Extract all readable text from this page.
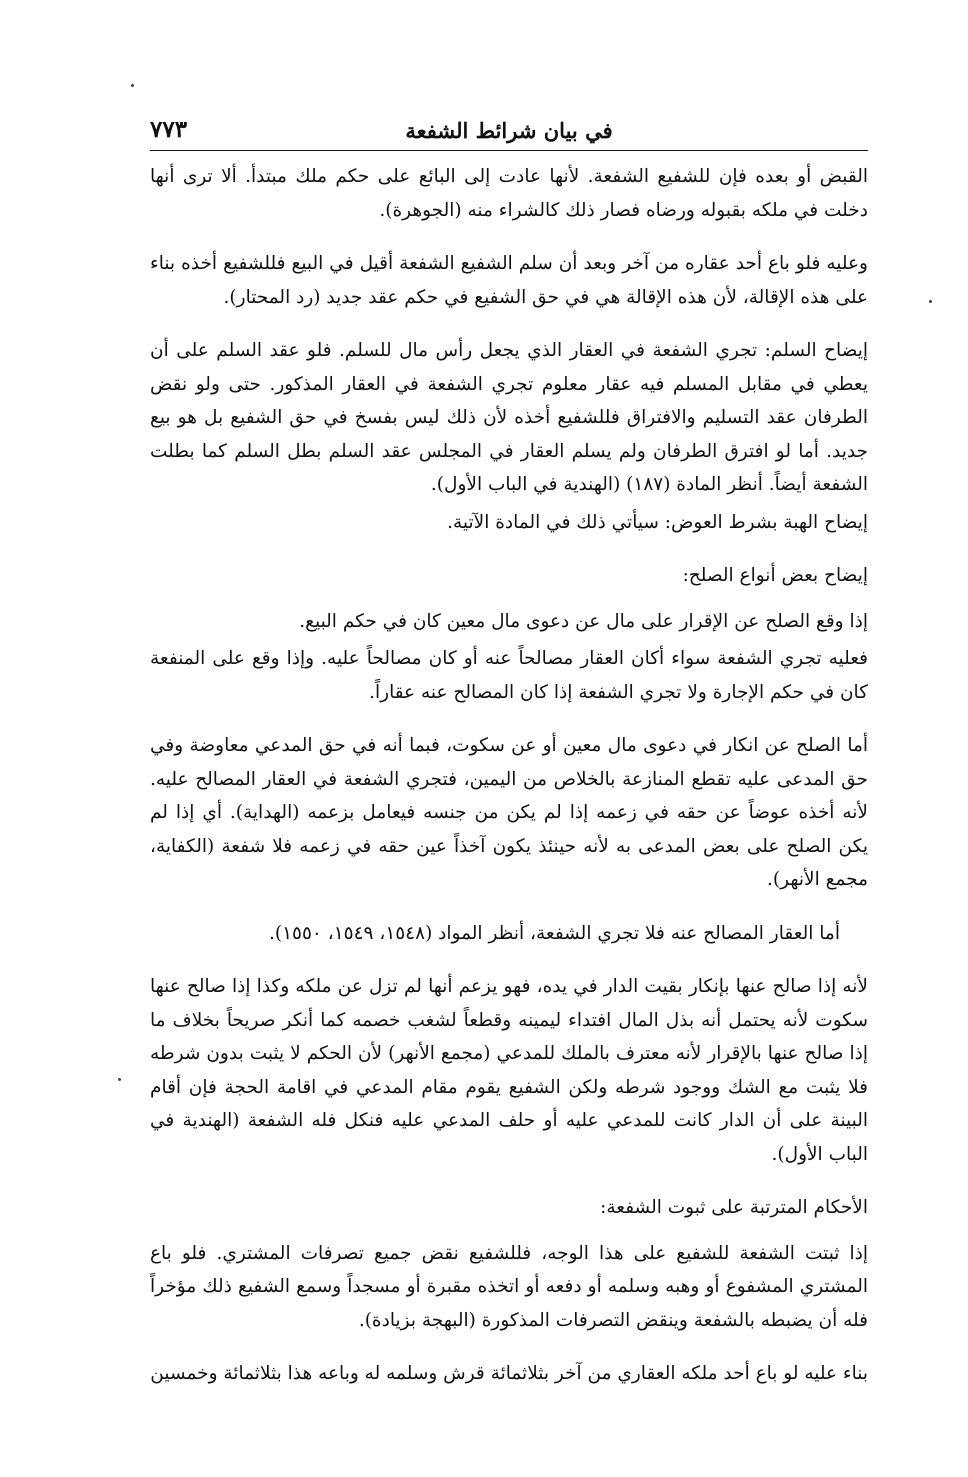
في بيان شرائط الشفعة
٧٧٣

القبض أو بعده فإن للشفيع الشفعة. لأنها عادت إلى البائع على حكم ملك مبتدأ. ألا ترى أنها دخلت في ملكه بقبوله ورضاه فصار ذلك كالشراء منه (الجوهرة).

وعليه فلو باع أحد عقاره من آخر وبعد أن سلم الشفيع الشفعة أقيل في البيع فللشفيع أخذه بناء على هذه الإقالة، لأن هذه الإقالة هي في حق الشفيع في حكم عقد جديد (رد المحتار).

إيضاح السلم: تجري الشفعة في العقار الذي يجعل رأس مال للسلم. فلو عقد السلم على أن يعطي في مقابل المسلم فيه عقار معلوم تجري الشفعة في العقار المذكور. حتى ولو نقض الطرفان عقد التسليم والافتراق فللشفيع أخذه لأن ذلك ليس بفسخ في حق الشفيع بل هو بيع جديد. أما لو افترق الطرفان ولم يسلم العقار في المجلس عقد السلم بطل السلم كما بطلت الشفعة أيضاً. أنظر المادة (١٨٧) (الهندية في الباب الأول).

إيضاح الهبة بشرط العوض: سيأتي ذلك في المادة الآتية.

إيضاح بعض أنواع الصلح:

إذا وقع الصلح عن الإقرار على مال عن دعوى مال معين كان في حكم البيع.

فعليه تجري الشفعة سواء أكان العقار مصالحاً عنه أو كان مصالحاً عليه. وإذا وقع على المنفعة كان في حكم الإجارة ولا تجري الشفعة إذا كان المصالح عنه عقاراً.

أما الصلح عن انكار في دعوى مال معين أو عن سكوت، فبما أنه في حق المدعي معاوضة وفي حق المدعى عليه تقطع المنازعة بالخلاص من اليمين، فتجري الشفعة في العقار المصالح عليه. لأنه أخذه عوضاً عن حقه في زعمه إذا لم يكن من جنسه فيعامل بزعمه (الهداية). أي إذا لم يكن الصلح على بعض المدعى به لأنه حينئذ يكون آخذاً عين حقه في زعمه فلا شفعة (الكفاية، مجمع الأنهر).

أما العقار المصالح عنه فلا تجري الشفعة، أنظر المواد (١٥٤٨، ١٥٤٩، ١٥٥٠).

لأنه إذا صالح عنها بإنكار بقيت الدار في يده، فهو يزعم أنها لم تزل عن ملكه وكذا إذا صالح عنها سكوت لأنه يحتمل أنه بذل المال افتداء ليمينه وقطعاً لشغب خصمه كما أنكر صريحاً بخلاف ما إذا صالح عنها بالإقرار لأنه معترف بالملك للمدعي (مجمع الأنهر) لأن الحكم لا يثبت بدون شرطه فلا يثبت مع الشك ووجود شرطه ولكن الشفيع يقوم مقام المدعي في اقامة الحجة فإن أقام البينة على أن الدار كانت للمدعي عليه أو حلف المدعي عليه فنكل فله الشفعة (الهندية في الباب الأول).

الأحكام المترتبة على ثبوت الشفعة:

إذا ثبتت الشفعة للشفيع على هذا الوجه، فللشفيع نقض جميع تصرفات المشتري. فلو باع المشتري المشفوع أو وهبه وسلمه أو دفعه أو اتخذه مقبرة أو مسجداً وسمع الشفيع ذلك مؤخراً فله أن يضبطه بالشفعة وينقض التصرفات المذكورة (البهجة بزيادة).

بناء عليه لو باع أحد ملكه العقاري من آخر بثلاثمائة قرش وسلمه له وباعه هذا بثلاثمائة وخمسين
